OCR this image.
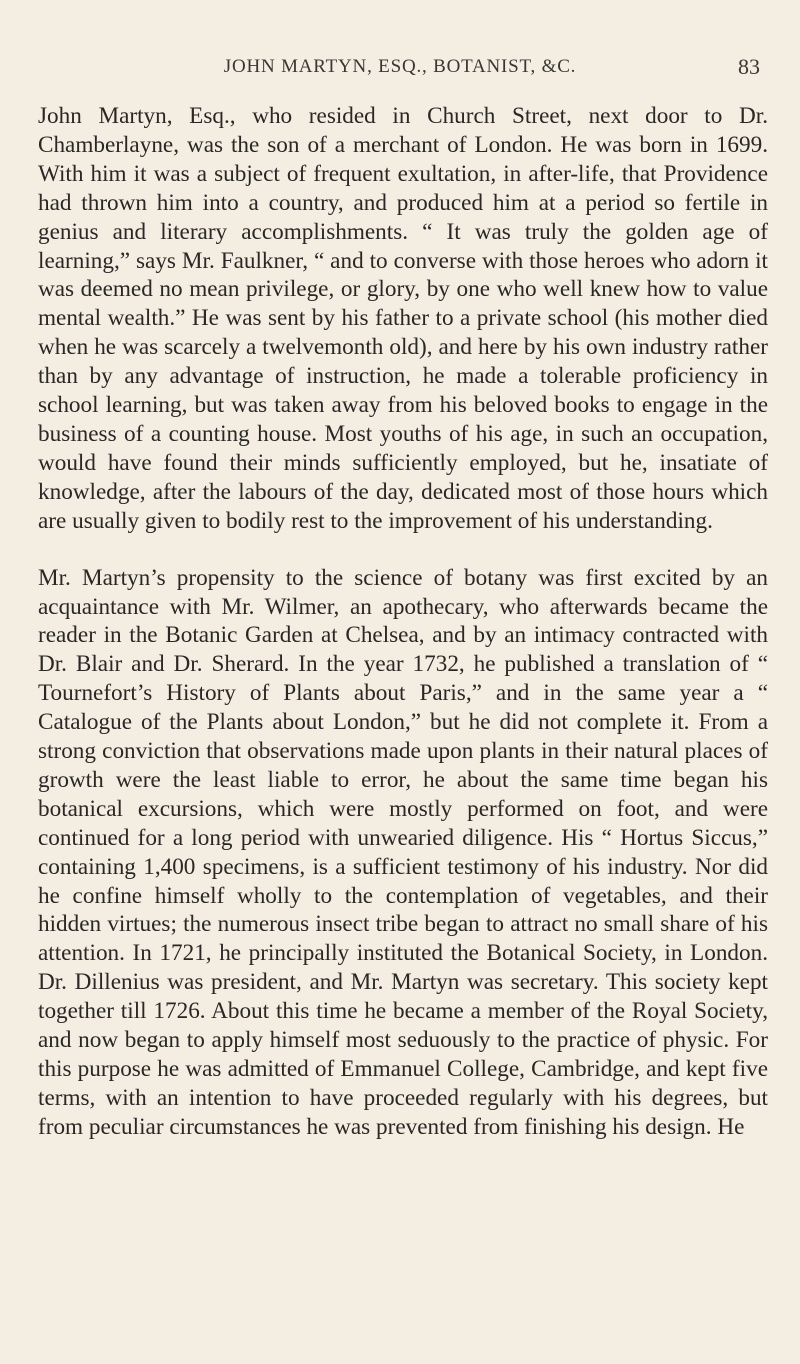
JOHN MARTYN, ESQ., BOTANIST, &C.	83

John Martyn, Esq., who resided in Church Street, next door to Dr. Chamberlayne, was the son of a merchant of London. He was born in 1699. With him it was a subject of frequent exultation, in after-life, that Providence had thrown him into a country, and produced him at a period so fertile in genius and literary accomplishments. “ It was truly the golden age of learning,” says Mr. Faulkner, “ and to converse with those heroes who adorn it was deemed no mean privilege, or glory, by one who well knew how to value mental wealth.” He was sent by his father to a private school (his mother died when he was scarcely a twelvemonth old), and here by his own industry rather than by any advantage of instruction, he made a tolerable proficiency in school learning, but was taken away from his beloved books to engage in the business of a counting house. Most youths of his age, in such an occupation, would have found their minds sufficiently employed, but he, insatiate of knowledge, after the labours of the day, dedicated most of those hours which are usually given to bodily rest to the improvement of his understanding.

Mr. Martyn’s propensity to the science of botany was first excited by an acquaintance with Mr. Wilmer, an apothecary, who afterwards became the reader in the Botanic Garden at Chelsea, and by an intimacy contracted with Dr. Blair and Dr. Sherard. In the year 1732, he published a translation of “ Tournefort’s History of Plants about Paris,” and in the same year a “ Catalogue of the Plants about London,” but he did not complete it. From a strong conviction that observations made upon plants in their natural places of growth were the least liable to error, he about the same time began his botanical excursions, which were mostly performed on foot, and were continued for a long period with unwearied diligence. His “ Hortus Siccus,” containing 1,400 specimens, is a sufficient testimony of his industry. Nor did he confine himself wholly to the contemplation of vegetables, and their hidden virtues; the numerous insect tribe began to attract no small share of his attention. In 1721, he principally instituted the Botanical Society, in London. Dr. Dillenius was president, and Mr. Martyn was secretary. This society kept together till 1726. About this time he became a member of the Royal Society, and now began to apply himself most seduously to the practice of physic. For this purpose he was admitted of Emmanuel College, Cambridge, and kept five terms, with an intention to have proceeded regularly with his degrees, but from peculiar circumstances he was prevented from finishing his design. He
